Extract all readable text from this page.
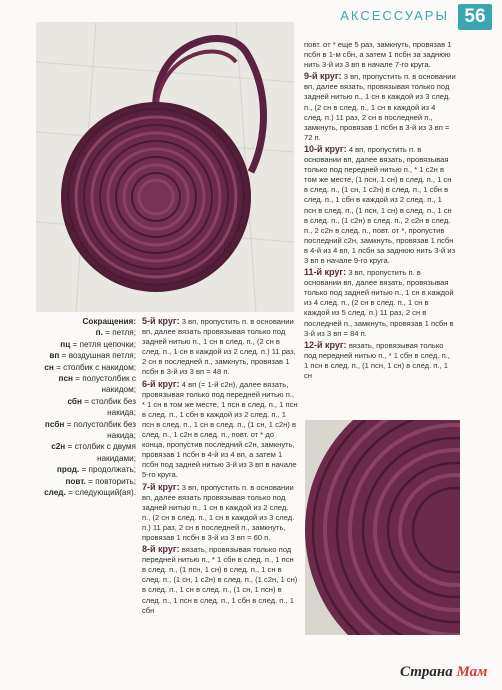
АКСЕССУАРЫ 56
Сокращения:
п. = петля;
пц = петля цепочки;
вп = воздушная петля;
сн = столбик с накидом;
псн = полустолбик с накидом;
сбн = столбик без накида;
псбн = полустолбик без накида;
с2н = столбик с двумя накидами;
прод. = продолжать;
повт. = повторить;
след. = следующий(ая).

5-й круг: 3 вп, пропустить п. в основании вп, далее вязать провязывая только под задней нитью п., 1 сн в след. п., (2 сн в след. п., 1 сн в каждой из 2 след. п.) 11 раз, 2 сн в последней п., замкнуть, провязав 1 псбн в 3-й из 3 вп = 48 п.

6-й круг: 4 вп (= 1-й с2н), далее вязать, провязывая только под передней нитью п., * 1 сн в том же месте, 1 псн в след. п., 1 псн в след. п., 1 сбн в каждой из 2 след. п., 1 псн в след. п., 1 сн в след. п., (1 сн, 1 с2н) в след. п., 1 с2н в след. п., повт. от * до конца, пропустив последний с2н, замкнуть, провязав 1 псбн в 4-й из 4 вп, а затем 1 псбн под задней нитью 3-й из 3 вп в начале 5-го круга.

7-й круг: 3 вп, пропустить п. в основании вп, далее вязать провязывая только под задней нитью п., 1 сн в каждой из 2 след. п., (2 сн в след. п., 1 сн в каждой из 3 след. п.) 11 раз, 2 сн в последней п., замкнуть, провязав 1 псбн в 3-й из 3 вп = 60 п.

8-й круг: вязать, провязывая только под передней нитью п., * 1 сбн в след. п., 1 псн в след. п., (1 псн, 1 сн) в след. п., 1 сн в след. п., (1 сн, 1 с2н) в след. п., (1 с2н, 1 сн) в след. п., 1 сн в след. п., (1 сн, 1 псн) в след. п., 1 псн в след. п., 1 сбн в след. п., 1 сбн

повт. от * еще 5 раз, замкнуть, провязав 1 псбн в 1-м сбн, а затем 1 псбн за заднюю нить 3-й из 3 вп в начале 7-го круга.

9-й круг: 3 вп, пропустить п. в основании вп, далее вязать, провязывая только под задней нитью п., 1 сн в каждой из 3 след. п., (2 сн в след. п., 1 сн в каждой из 4 след. п.) 11 раз, 2 сн в последней п., замкнуть, провязав 1 псбн в 3-й из 3 вп = 72 п.

10-й круг: 4 вп, пропустить п. в основании вп, далее вязать, провязывая только под передней нитью п., * 1 с2н в том же месте, (1 псн, 1 сн) в след. п., 1 сн в след. п., (1 сн, 1 с2н) в след. п., 1 сбн в след. п., 1 сбн в каждой из 2 след. п., 1 псн в след. п., (1 псн, 1 сн) в след. п., 1 сн в след. п., (1 с2н) в след. п., 2 с2н в след. п., 2 с2н в след. п., повт. от *, пропустив последний с2н, замкнуть, провязав 1 псбн в 4-й из 4 вп, 1 псбн за заднюю нить 3-й из 3 вп в начале 9-го круга.

11-й круг: 3 вп, пропустить п. в основании вп, далее вязать, провязывая только под задней нитью п., 1 сн в каждой из 4 след. п., (2 сн в след. п., 1 сн в каждой из 5 след. п.) 11 раз, 2 сн в последней п., замкнуть, провязав 1 псбн в 3-й из 3 вп = 84 п.

12-й круг: вязать, провязывая только под передней нитью п., * 1 сбн в след. п., 1 псн в след. п., (1 псн, 1 сн) в след. п., 1 сн

Страна Мам
